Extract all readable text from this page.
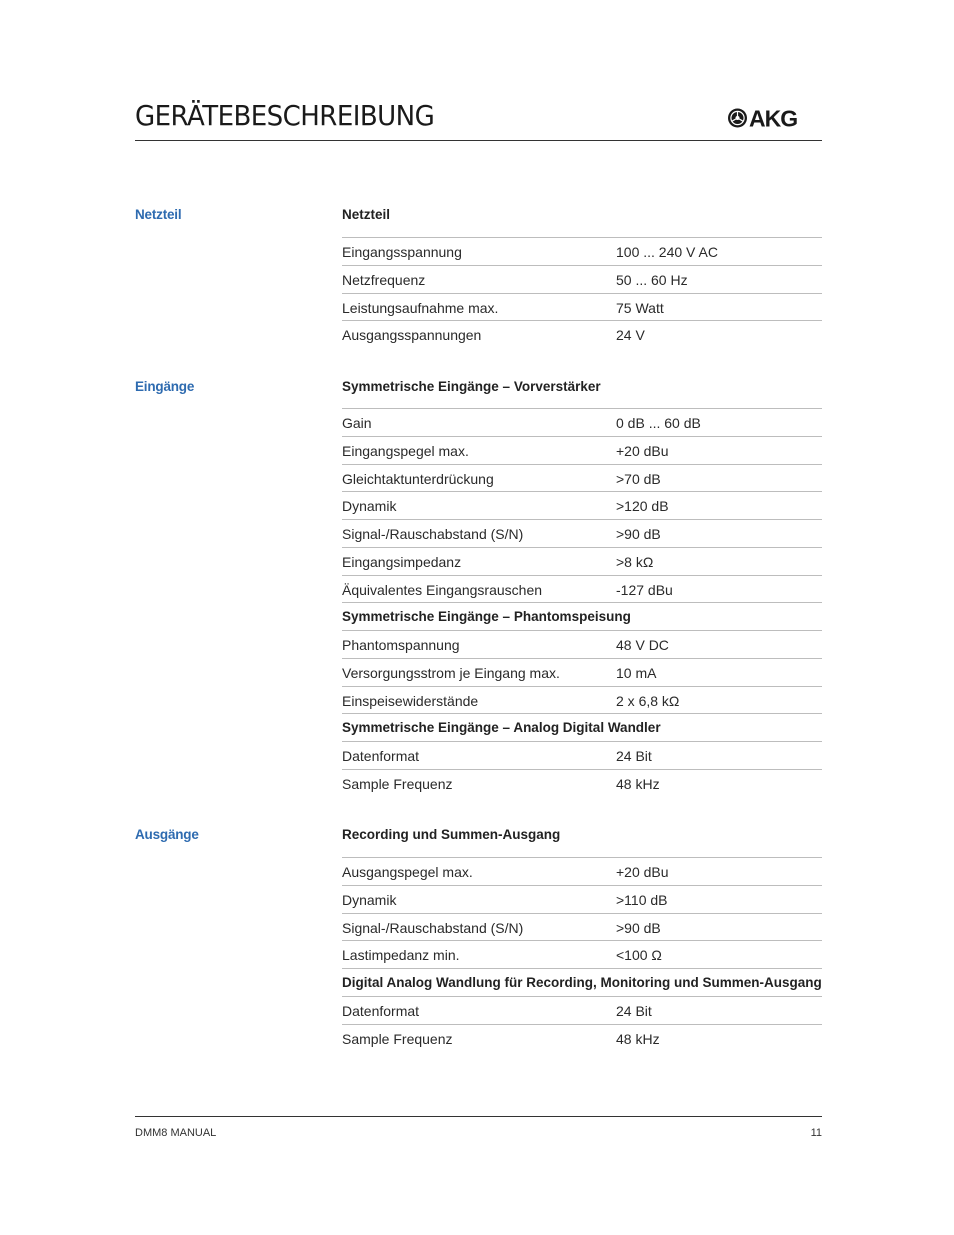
GERÄTEBESCHREIBUNG	AKG
Netzteil	Netzteil
Eingangsspannung	100 ... 240 V AC
Netzfrequenz	50 ... 60 Hz
Leistungsaufnahme max.	75 Watt
Ausgangsspannungen	24 V
Eingänge	Symmetrische Eingänge – Vorverstärker
Gain	0 dB ... 60 dB
Eingangspegel max.	+20 dBu
Gleichtaktunterdrückung	>70 dB
Dynamik	>120 dB
Signal-/Rauschabstand (S/N)	>90 dB
Eingangsimpedanz	>8 kΩ
Äquivalentes Eingangsrauschen	-127 dBu
Symmetrische Eingänge – Phantomspeisung
Phantomspannung	48 V DC
Versorgungsstrom je Eingang max.	10 mA
Einspeisewiderstände	2 x 6,8 kΩ
Symmetrische Eingänge – Analog Digital Wandler
Datenformat	24 Bit
Sample Frequenz	48 kHz
Ausgänge	Recording und Summen-Ausgang
Ausgangspegel max.	+20 dBu
Dynamik	>110 dB
Signal-/Rauschabstand (S/N)	>90 dB
Lastimpedanz min.	<100 Ω
Digital Analog Wandlung für Recording, Monitoring und Summen-Ausgang
Datenformat	24 Bit
Sample Frequenz	48 kHz
DMM8 MANUAL	11
